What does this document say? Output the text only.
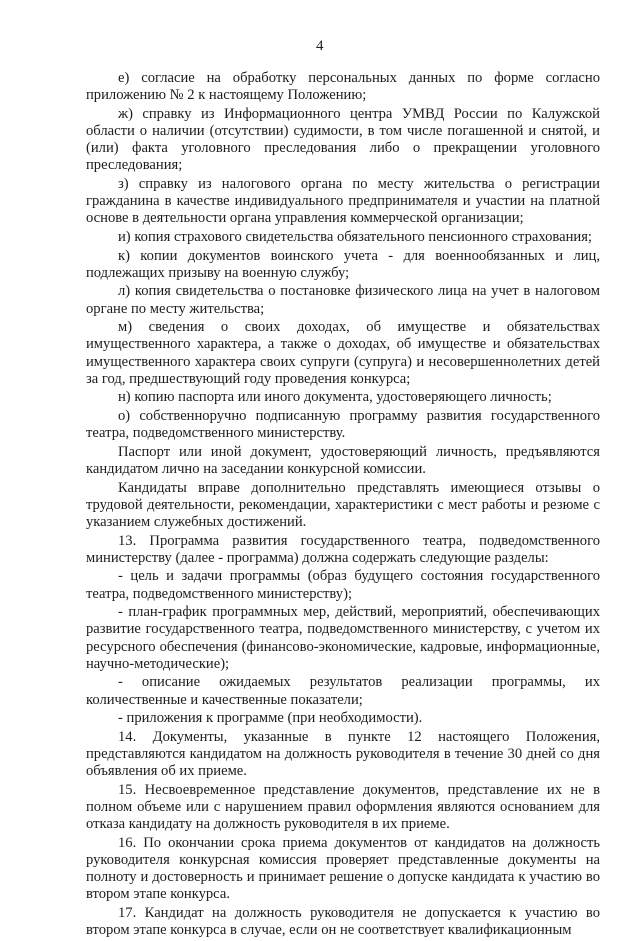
4

е) согласие на обработку персональных данных по форме согласно приложению № 2 к настоящему Положению;

ж) справку из Информационного центра УМВД России по Калужской области о наличии (отсутствии) судимости, в том числе погашенной и снятой, и (или) факта уголовного преследования либо о прекращении уголовного преследования;

з) справку из налогового органа по месту жительства о регистрации гражданина в качестве индивидуального предпринимателя и участии на платной основе в деятельности органа управления коммерческой организации;

и) копия страхового свидетельства обязательного пенсионного страхования;

к) копии документов воинского учета - для военнообязанных и лиц, подлежащих призыву на военную службу;

л) копия свидетельства о постановке физического лица на учет в налоговом органе по месту жительства;

м) сведения о своих доходах, об имуществе и обязательствах имущественного характера, а также о доходах, об имуществе и обязательствах имущественного характера своих супруги (супруга) и несовершеннолетних детей за год, предшествующий году проведения конкурса;

н) копию паспорта или иного документа, удостоверяющего личность;

о) собственноручно подписанную программу развития государственного театра, подведомственного министерству.

Паспорт или иной документ, удостоверяющий личность, предъявляются кандидатом лично на заседании конкурсной комиссии.

Кандидаты вправе дополнительно представлять имеющиеся отзывы о трудовой деятельности, рекомендации, характеристики с мест работы и резюме с указанием служебных достижений.

13. Программа развития государственного театра, подведомственного министерству (далее - программа) должна содержать следующие разделы:

- цель и задачи программы (образ будущего состояния государственного театра, подведомственного министерству);

- план-график программных мер, действий, мероприятий, обеспечивающих развитие государственного театра, подведомственного министерству, с учетом их ресурсного обеспечения (финансово-экономические, кадровые, информационные, научно-методические);

- описание ожидаемых результатов реализации программы, их количественные и качественные показатели;

- приложения к программе (при необходимости).

14. Документы, указанные в пункте 12 настоящего Положения, представляются кандидатом на должность руководителя в течение 30 дней со дня объявления об их приеме.

15. Несвоевременное представление документов, представление их не в полном объеме или с нарушением правил оформления являются основанием для отказа кандидату на должность руководителя в их приеме.

16. По окончании срока приема документов от кандидатов на должность руководителя конкурсная комиссия проверяет представленные документы на полноту и достоверность и принимает решение о допуске кандидата к участию во втором этапе конкурса.

17. Кандидат на должность руководителя не допускается к участию во втором этапе конкурса в случае, если он не соответствует квалификационным
